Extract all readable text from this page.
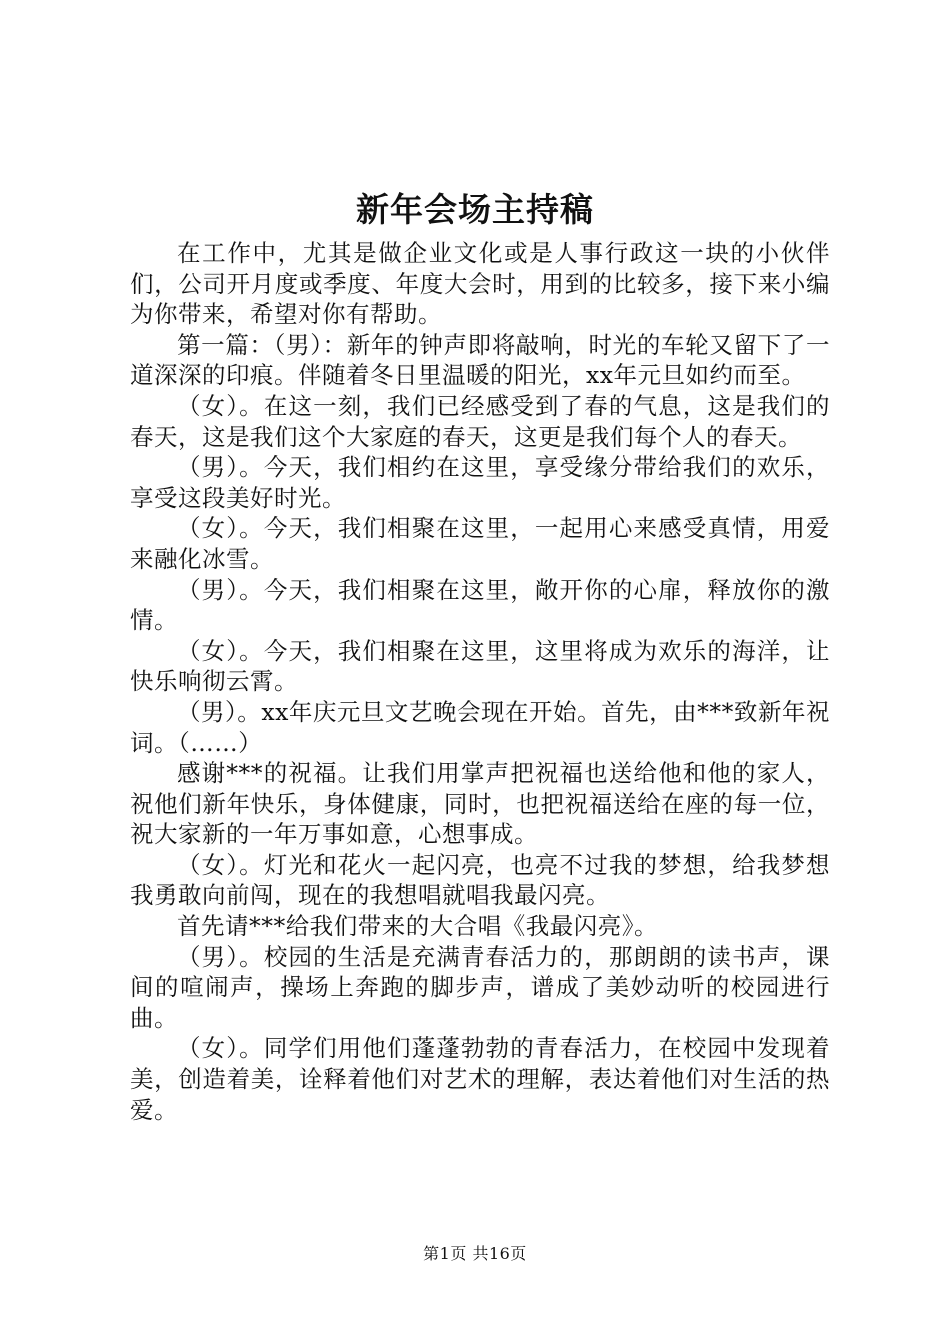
新年会场主持稿

在工作中，尤其是做企业文化或是人事行政这一块的小伙伴们，公司开月度或季度、年度大会时，用到的比较多，接下来小编为你带来，希望对你有帮助。

第一篇：（男）：新年的钟声即将敲响，时光的车轮又留下了一道深深的印痕。伴随着冬日里温暖的阳光，xx年元旦如约而至。

（女）。在这一刻，我们已经感受到了春的气息，这是我们的春天，这是我们这个大家庭的春天，这更是我们每个人的春天。

（男）。今天，我们相约在这里，享受缘分带给我们的欢乐，享受这段美好时光。

（女）。今天，我们相聚在这里，一起用心来感受真情，用爱来融化冰雪。

（男）。今天，我们相聚在这里，敞开你的心扉，释放你的激情。

（女）。今天，我们相聚在这里，这里将成为欢乐的海洋，让快乐响彻云霄。

（男）。xx年庆元旦文艺晚会现在开始。首先，由***致新年祝词。（……）

感谢***的祝福。让我们用掌声把祝福也送给他和他的家人，祝他们新年快乐，身体健康，同时，也把祝福送给在座的每一位，祝大家新的一年万事如意，心想事成。

（女）。灯光和花火一起闪亮，也亮不过我的梦想，给我梦想我勇敢向前闯，现在的我想唱就唱我最闪亮。

首先请***给我们带来的大合唱《我最闪亮》。

（男）。校园的生活是充满青春活力的，那朗朗的读书声，课间的喧闹声，操场上奔跑的脚步声，谱成了美妙动听的校园进行曲。

（女）。同学们用他们蓬蓬勃勃的青春活力，在校园中发现着美，创造着美，诠释着他们对艺术的理解，表达着他们对生活的热爱。

第1页 共16页
